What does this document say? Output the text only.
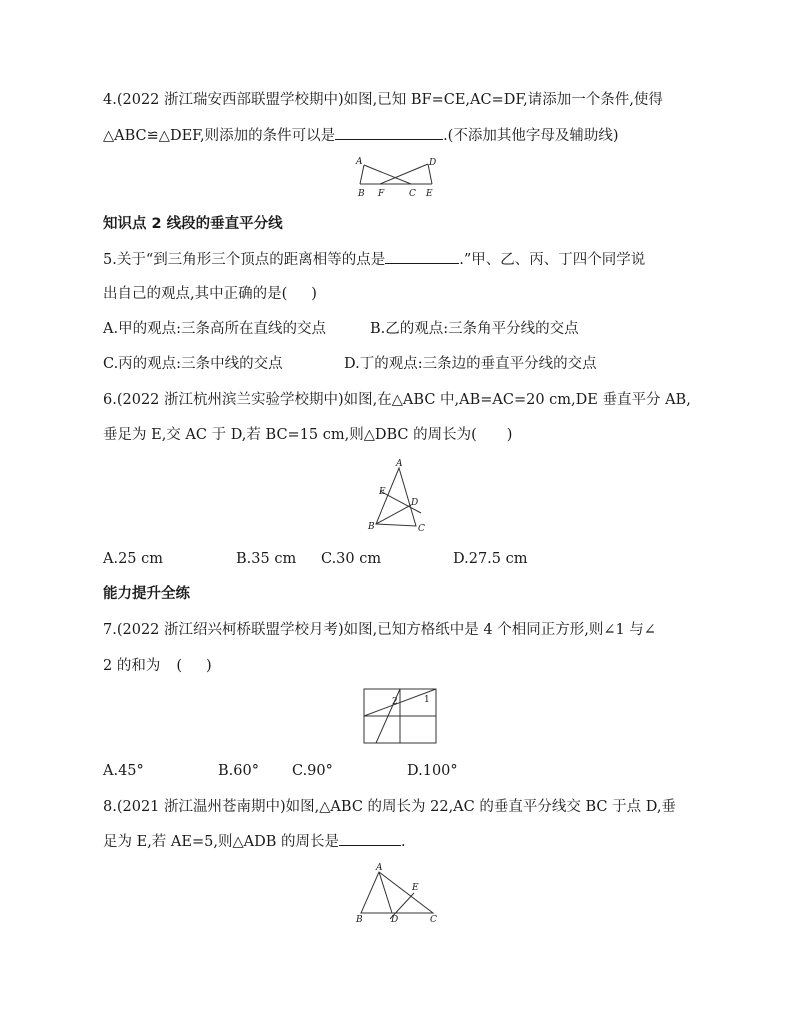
4.(2022 浙江瑞安西部联盟学校期中)如图,已知 BF=CE,AC=DF,请添加一个条件,使得
△ABC≌△DEF,则添加的条件可以是	.(不添加其他字母及辅助线)
A	D
B F	C E
知识点 2 线段的垂直平分线
5.关于“到三角形三个顶点的距离相等的点是	.”甲、乙、丙、丁四个同学说
出自己的观点,其中正确的是( )
A.甲的观点:三条高所在直线的交点	B.乙的观点:三条角平分线的交点
C.丙的观点:三条中线的交点	D.丁的观点:三条边的垂直平分线的交点
6.(2022 浙江杭州滨兰实验学校期中)如图,在△ABC 中,AB=AC=20 cm,DE 垂直平分 AB,
垂足为 E,交 AC 于 D,若 BC=15 cm,则△DBC 的周长为( )
A
E
D
B	C
A.25 cm	B.35 cm C.30 cm	D.27.5 cm
能力提升全练
7.(2022 浙江绍兴柯桥联盟学校月考)如图,已知方格纸中是 4 个相同正方形,则∠1 与∠
2 的和为 ( )
2	1
A.45°	B.60° C.90°	D.100°
8.(2021 浙江温州苍南期中)如图,△ABC 的周长为 22,AC 的垂直平分线交 BC 于点 D,垂
足为 E,若 AE=5,则△ADB 的周长是	.
A
E
B	D	C
